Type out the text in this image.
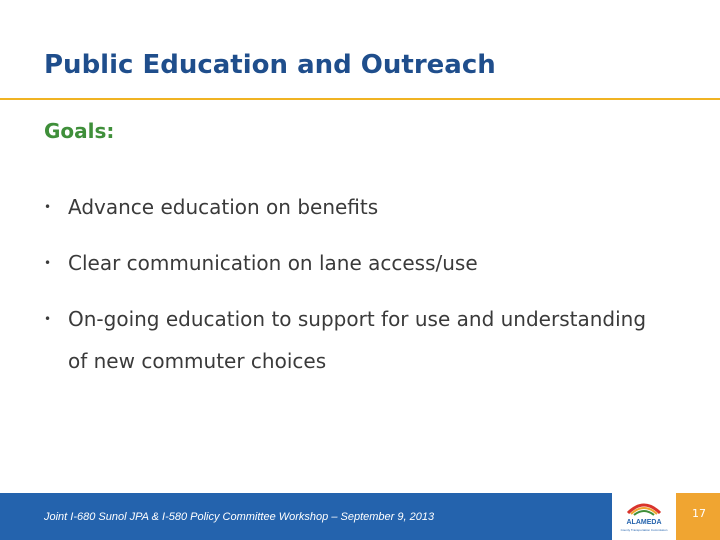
Public Education and Outreach
Goals:
• Advance education on benefits
• Clear communication on lane access/use
• On-going education to support for use and understanding of new commuter choices
Joint I-680 Sunol JPA & I-580 Policy Committee Workshop – September 9, 2013	ALAMEDA
County Transportation Commission
17
